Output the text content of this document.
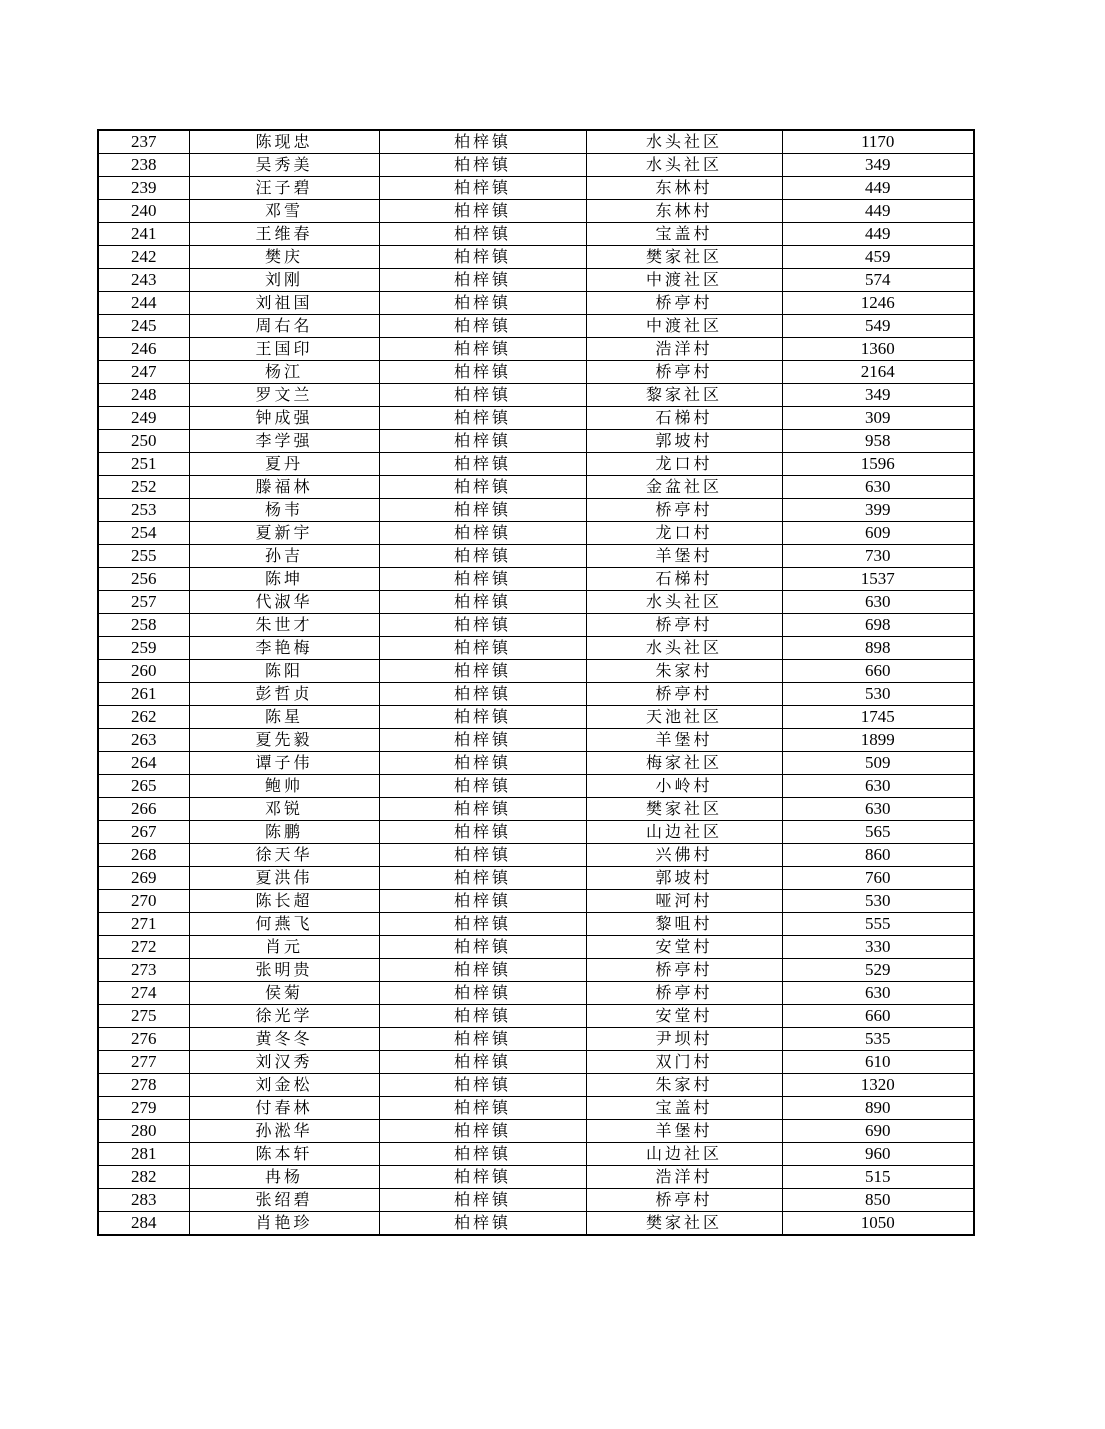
237	陈现忠	柏梓镇	水头社区	1170
238	吴秀美	柏梓镇	水头社区	349
239	汪子碧	柏梓镇	东林村	449
240	邓雪	柏梓镇	东林村	449
241	王维春	柏梓镇	宝盖村	449
242	樊庆	柏梓镇	樊家社区	459
243	刘刚	柏梓镇	中渡社区	574
244	刘祖国	柏梓镇	桥亭村	1246
245	周右名	柏梓镇	中渡社区	549
246	王国印	柏梓镇	浩洋村	1360
247	杨江	柏梓镇	桥亭村	2164
248	罗文兰	柏梓镇	黎家社区	349
249	钟成强	柏梓镇	石梯村	309
250	李学强	柏梓镇	郭坡村	958
251	夏丹	柏梓镇	龙口村	1596
252	滕福林	柏梓镇	金盆社区	630
253	杨韦	柏梓镇	桥亭村	399
254	夏新宇	柏梓镇	龙口村	609
255	孙吉	柏梓镇	羊堡村	730
256	陈坤	柏梓镇	石梯村	1537
257	代淑华	柏梓镇	水头社区	630
258	朱世才	柏梓镇	桥亭村	698
259	李艳梅	柏梓镇	水头社区	898
260	陈阳	柏梓镇	朱家村	660
261	彭哲贞	柏梓镇	桥亭村	530
262	陈星	柏梓镇	天池社区	1745
263	夏先毅	柏梓镇	羊堡村	1899
264	谭子伟	柏梓镇	梅家社区	509
265	鲍帅	柏梓镇	小岭村	630
266	邓锐	柏梓镇	樊家社区	630
267	陈鹏	柏梓镇	山边社区	565
268	徐天华	柏梓镇	兴佛村	860
269	夏洪伟	柏梓镇	郭坡村	760
270	陈长超	柏梓镇	哑河村	530
271	何燕飞	柏梓镇	黎咀村	555
272	肖元	柏梓镇	安堂村	330
273	张明贵	柏梓镇	桥亭村	529
274	侯菊	柏梓镇	桥亭村	630
275	徐光学	柏梓镇	安堂村	660
276	黄冬冬	柏梓镇	尹坝村	535
277	刘汉秀	柏梓镇	双门村	610
278	刘金松	柏梓镇	朱家村	1320
279	付春林	柏梓镇	宝盖村	890
280	孙淞华	柏梓镇	羊堡村	690
281	陈本轩	柏梓镇	山边社区	960
282	冉杨	柏梓镇	浩洋村	515
283	张绍碧	柏梓镇	桥亭村	850
284	肖艳珍	柏梓镇	樊家社区	1050
